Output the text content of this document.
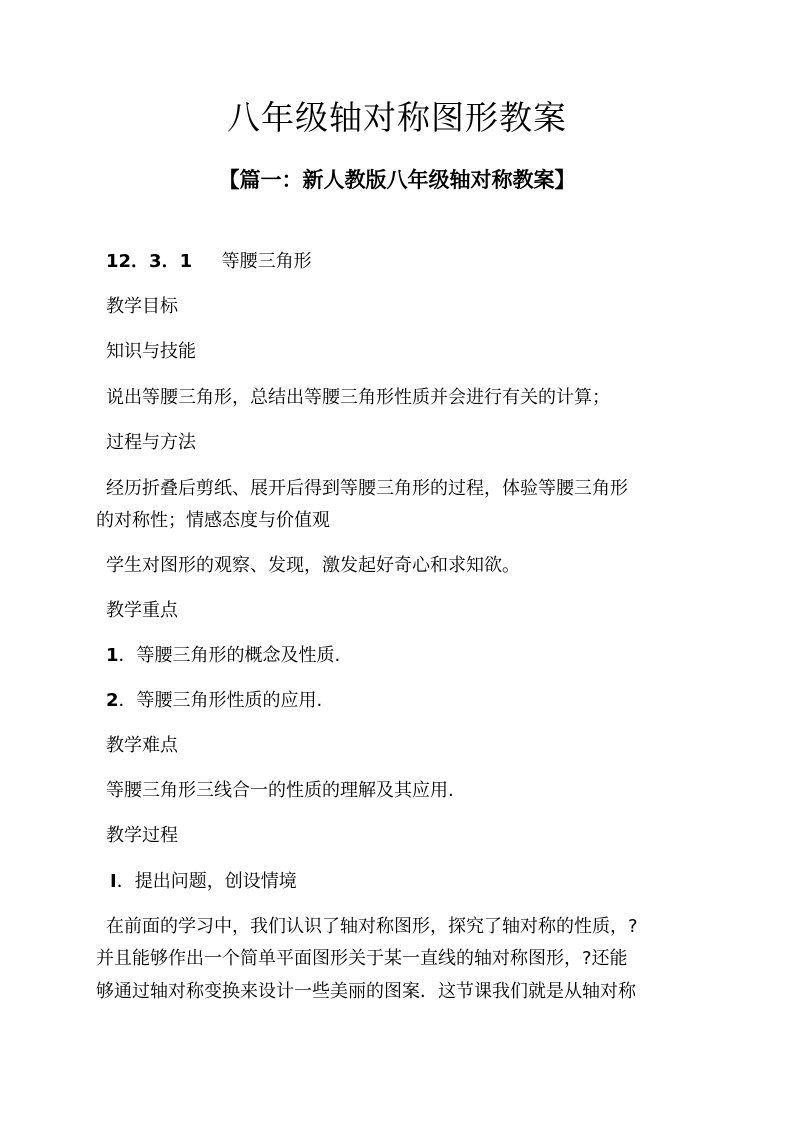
八年级轴对称图形教案
【篇一：新人教版八年级轴对称教案】
12．3．1 等腰三角形
教学目标
知识与技能
说出等腰三角形，总结出等腰三角形性质并会进行有关的计算；
过程与方法
经历折叠后剪纸、展开后得到等腰三角形的过程，体验等腰三角形
的对称性；情感态度与价值观
学生对图形的观察、发现，激发起好奇心和求知欲。
教学重点
1．等腰三角形的概念及性质.
2．等腰三角形性质的应用.
教学难点
等腰三角形三线合一的性质的理解及其应用.
教学过程
Ⅰ．提出问题，创设情境
在前面的学习中，我们认识了轴对称图形，探究了轴对称的性质，?
并且能够作出一个简单平面图形关于某一直线的轴对称图形，?还能
够通过轴对称变换来设计一些美丽的图案．这节课我们就是从轴对称
